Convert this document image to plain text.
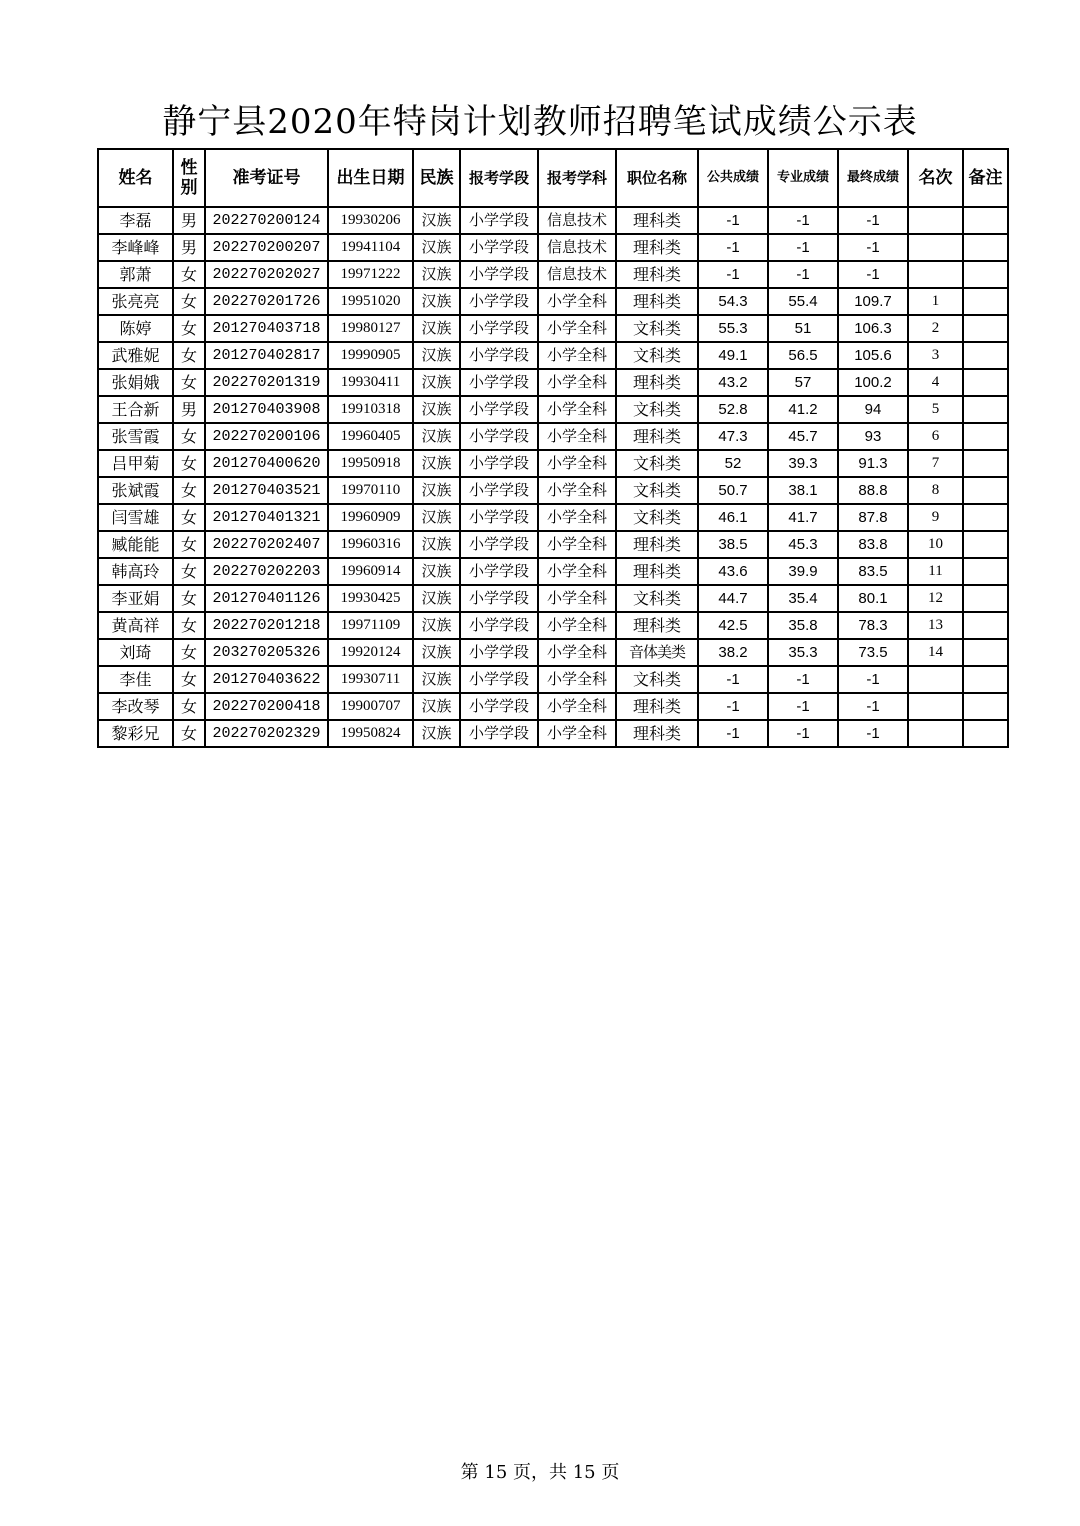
静宁县2020年特岗计划教师招聘笔试成绩公示表
姓名	性别	准考证号	出生日期	民族	报考学段	报考学科	职位名称	公共成绩	专业成绩	最终成绩	名次	备注
李磊	男	202270200124	19930206	汉族	小学学段	信息技术	理科类	-1	-1	-1		
李峰峰	男	202270200207	19941104	汉族	小学学段	信息技术	理科类	-1	-1	-1		
郭萧	女	202270202027	19971222	汉族	小学学段	信息技术	理科类	-1	-1	-1		
张亮亮	女	202270201726	19951020	汉族	小学学段	小学全科	理科类	54.3	55.4	109.7	1	
陈婷	女	201270403718	19980127	汉族	小学学段	小学全科	文科类	55.3	51	106.3	2	
武雅妮	女	201270402817	19990905	汉族	小学学段	小学全科	文科类	49.1	56.5	105.6	3	
张娟娥	女	202270201319	19930411	汉族	小学学段	小学全科	理科类	43.2	57	100.2	4	
王合新	男	201270403908	19910318	汉族	小学学段	小学全科	文科类	52.8	41.2	94	5	
张雪霞	女	202270200106	19960405	汉族	小学学段	小学全科	理科类	47.3	45.7	93	6	
吕甲菊	女	201270400620	19950918	汉族	小学学段	小学全科	文科类	52	39.3	91.3	7	
张斌霞	女	201270403521	19970110	汉族	小学学段	小学全科	文科类	50.7	38.1	88.8	8	
闫雪雄	女	201270401321	19960909	汉族	小学学段	小学全科	文科类	46.1	41.7	87.8	9	
臧能能	女	202270202407	19960316	汉族	小学学段	小学全科	理科类	38.5	45.3	83.8	10	
韩高玲	女	202270202203	19960914	汉族	小学学段	小学全科	理科类	43.6	39.9	83.5	11	
李亚娟	女	201270401126	19930425	汉族	小学学段	小学全科	文科类	44.7	35.4	80.1	12	
黄高祥	女	202270201218	19971109	汉族	小学学段	小学全科	理科类	42.5	35.8	78.3	13	
刘琦	女	203270205326	19920124	汉族	小学学段	小学全科	音体美类	38.2	35.3	73.5	14	
李佳	女	201270403622	19930711	汉族	小学学段	小学全科	文科类	-1	-1	-1		
李改琴	女	202270200418	19900707	汉族	小学学段	小学全科	理科类	-1	-1	-1		
黎彩兄	女	202270202329	19950824	汉族	小学学段	小学全科	理科类	-1	-1	-1		
第 15 页，共 15 页
